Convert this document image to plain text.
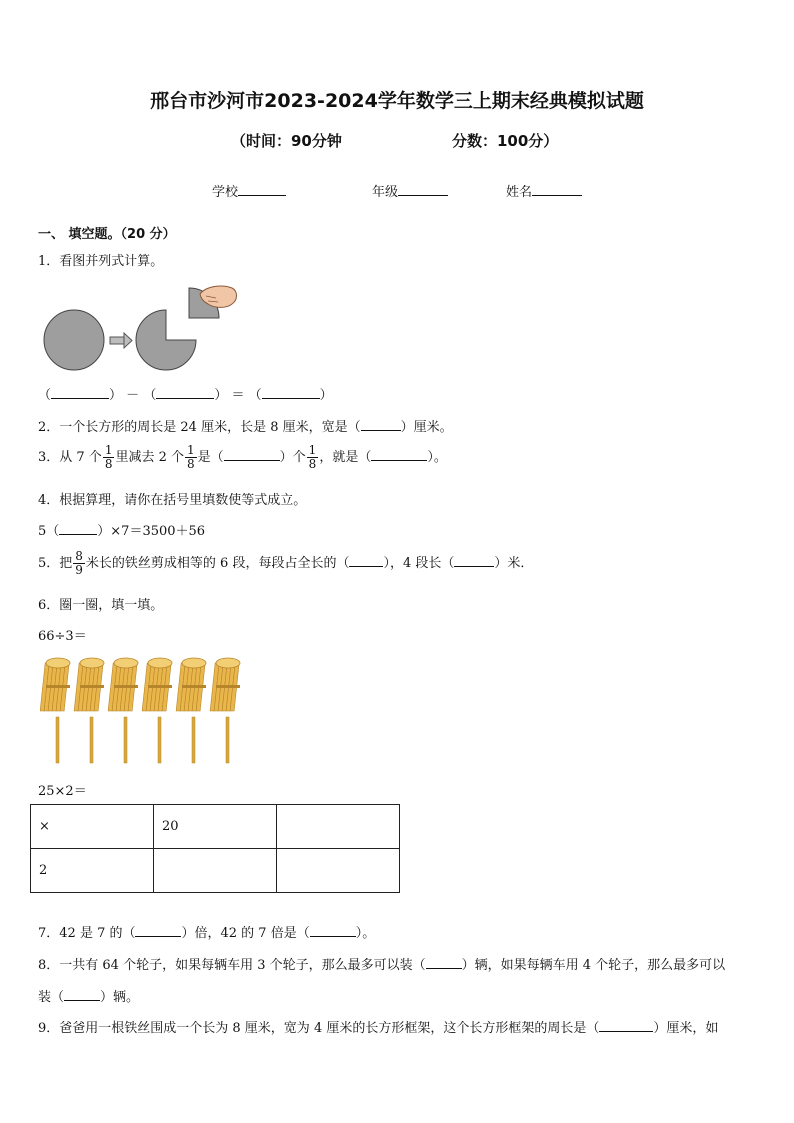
邢台市沙河市2023-2024学年数学三上期末经典模拟试题
（时间：90分钟	分数：100分）
学校	年级	姓名
一、 填空题。（20 分）
1．看图并列式计算。
（	） － （	） ＝ （	）
2．一个长方形的周长是 24 厘米，长是 8 厘米，宽是（	）厘米。
3．从 7 个 $\frac{1}{8}$ 里减去 2 个 $\frac{1}{8}$ 是（	）个 $\frac{1}{8}$ ，就是（	）。
4．根据算理，请你在括号里填数使等式成立。
5（	）×7＝3500＋56
5．把 $\frac{8}{9}$ 米长的铁丝剪成相等的 6 段，每段占全长的（	），4 段长（	）米．
6．圈一圈，填一填。
66÷3＝
25×2＝
×	20	
2		
7．42 是 7 的（	）倍，42 的 7 倍是（	）。
8．一共有 64 个轮子，如果每辆车用 3 个轮子，那么最多可以装（	）辆，如果每辆车用 4 个轮子，那么最多可以
装（	）辆。
9．爸爸用一根铁丝围成一个长为 8 厘米，宽为 4 厘米的长方形框架，这个长方形框架的周长是（	）厘米，如
